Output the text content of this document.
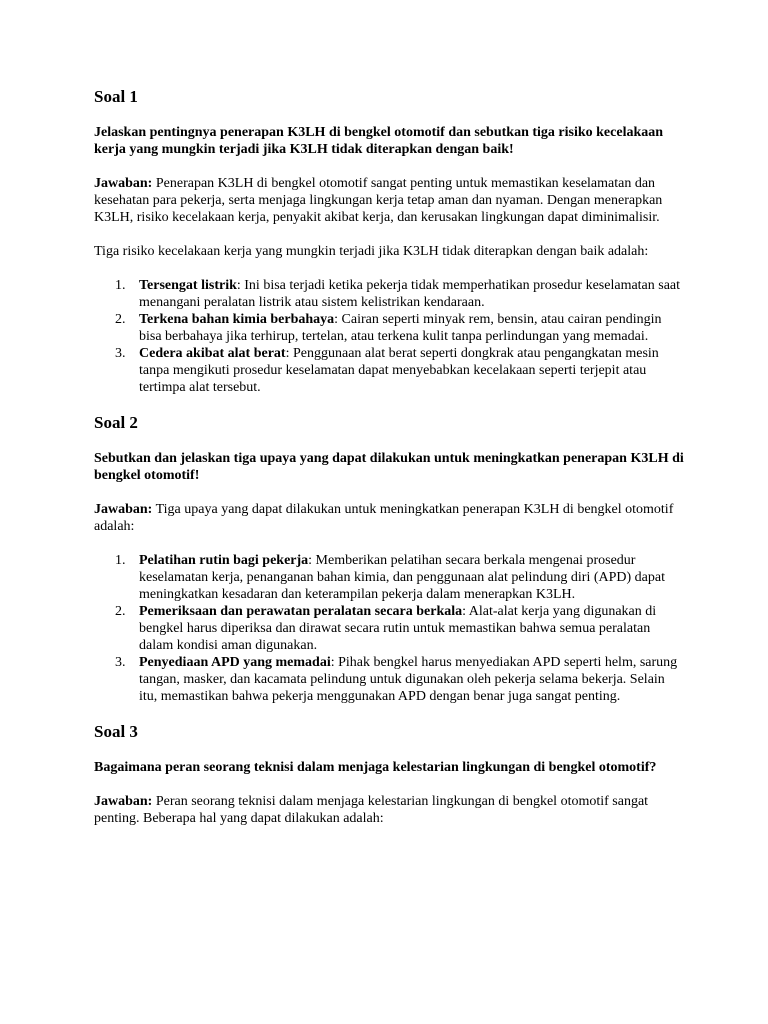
Soal 1

Jelaskan pentingnya penerapan K3LH di bengkel otomotif dan sebutkan tiga risiko kecelakaan kerja yang mungkin terjadi jika K3LH tidak diterapkan dengan baik!

Jawaban: Penerapan K3LH di bengkel otomotif sangat penting untuk memastikan keselamatan dan kesehatan para pekerja, serta menjaga lingkungan kerja tetap aman dan nyaman. Dengan menerapkan K3LH, risiko kecelakaan kerja, penyakit akibat kerja, dan kerusakan lingkungan dapat diminimalisir.

Tiga risiko kecelakaan kerja yang mungkin terjadi jika K3LH tidak diterapkan dengan baik adalah:

1. Tersengat listrik: Ini bisa terjadi ketika pekerja tidak memperhatikan prosedur keselamatan saat menangani peralatan listrik atau sistem kelistrikan kendaraan.
2. Terkena bahan kimia berbahaya: Cairan seperti minyak rem, bensin, atau cairan pendingin bisa berbahaya jika terhirup, tertelan, atau terkena kulit tanpa perlindungan yang memadai.
3. Cedera akibat alat berat: Penggunaan alat berat seperti dongkrak atau pengangkatan mesin tanpa mengikuti prosedur keselamatan dapat menyebabkan kecelakaan seperti terjepit atau tertimpa alat tersebut.
Soal 2

Sebutkan dan jelaskan tiga upaya yang dapat dilakukan untuk meningkatkan penerapan K3LH di bengkel otomotif!

Jawaban: Tiga upaya yang dapat dilakukan untuk meningkatkan penerapan K3LH di bengkel otomotif adalah:

1. Pelatihan rutin bagi pekerja: Memberikan pelatihan secara berkala mengenai prosedur keselamatan kerja, penanganan bahan kimia, dan penggunaan alat pelindung diri (APD) dapat meningkatkan kesadaran dan keterampilan pekerja dalam menerapkan K3LH.
2. Pemeriksaan dan perawatan peralatan secara berkala: Alat-alat kerja yang digunakan di bengkel harus diperiksa dan dirawat secara rutin untuk memastikan bahwa semua peralatan dalam kondisi aman digunakan.
3. Penyediaan APD yang memadai: Pihak bengkel harus menyediakan APD seperti helm, sarung tangan, masker, dan kacamata pelindung untuk digunakan oleh pekerja selama bekerja. Selain itu, memastikan bahwa pekerja menggunakan APD dengan benar juga sangat penting.
Soal 3

Bagaimana peran seorang teknisi dalam menjaga kelestarian lingkungan di bengkel otomotif?

Jawaban: Peran seorang teknisi dalam menjaga kelestarian lingkungan di bengkel otomotif sangat penting. Beberapa hal yang dapat dilakukan adalah:
